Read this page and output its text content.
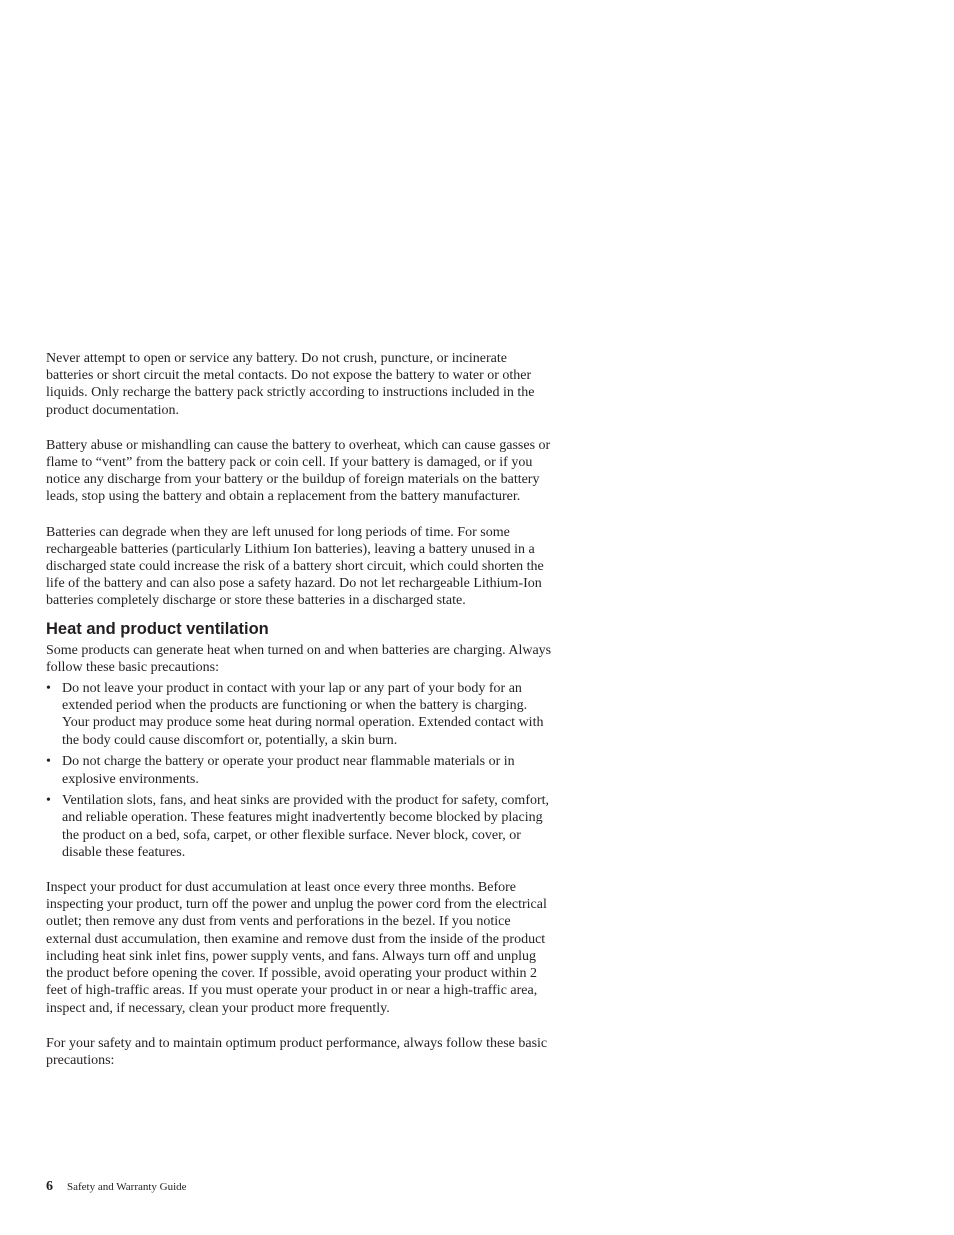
Never attempt to open or service any battery. Do not crush, puncture, or incinerate batteries or short circuit the metal contacts. Do not expose the battery to water or other liquids. Only recharge the battery pack strictly according to instructions included in the product documentation.

Battery abuse or mishandling can cause the battery to overheat, which can cause gasses or flame to “vent” from the battery pack or coin cell. If your battery is damaged, or if you notice any discharge from your battery or the buildup of foreign materials on the battery leads, stop using the battery and obtain a replacement from the battery manufacturer.

Batteries can degrade when they are left unused for long periods of time. For some rechargeable batteries (particularly Lithium Ion batteries), leaving a battery unused in a discharged state could increase the risk of a battery short circuit, which could shorten the life of the battery and can also pose a safety hazard. Do not let rechargeable Lithium-Ion batteries completely discharge or store these batteries in a discharged state.

Heat and product ventilation

Some products can generate heat when turned on and when batteries are charging. Always follow these basic precautions:

• Do not leave your product in contact with your lap or any part of your body for an extended period when the products are functioning or when the battery is charging. Your product may produce some heat during normal operation. Extended contact with the body could cause discomfort or, potentially, a skin burn.
• Do not charge the battery or operate your product near flammable materials or in explosive environments.
• Ventilation slots, fans, and heat sinks are provided with the product for safety, comfort, and reliable operation. These features might inadvertently become blocked by placing the product on a bed, sofa, carpet, or other flexible surface. Never block, cover, or disable these features.

Inspect your product for dust accumulation at least once every three months. Before inspecting your product, turn off the power and unplug the power cord from the electrical outlet; then remove any dust from vents and perforations in the bezel. If you notice external dust accumulation, then examine and remove dust from the inside of the product including heat sink inlet fins, power supply vents, and fans. Always turn off and unplug the product before opening the cover. If possible, avoid operating your product within 2 feet of high-traffic areas. If you must operate your product in or near a high-traffic area, inspect and, if necessary, clean your product more frequently.

For your safety and to maintain optimum product performance, always follow these basic precautions:

6 Safety and Warranty Guide
